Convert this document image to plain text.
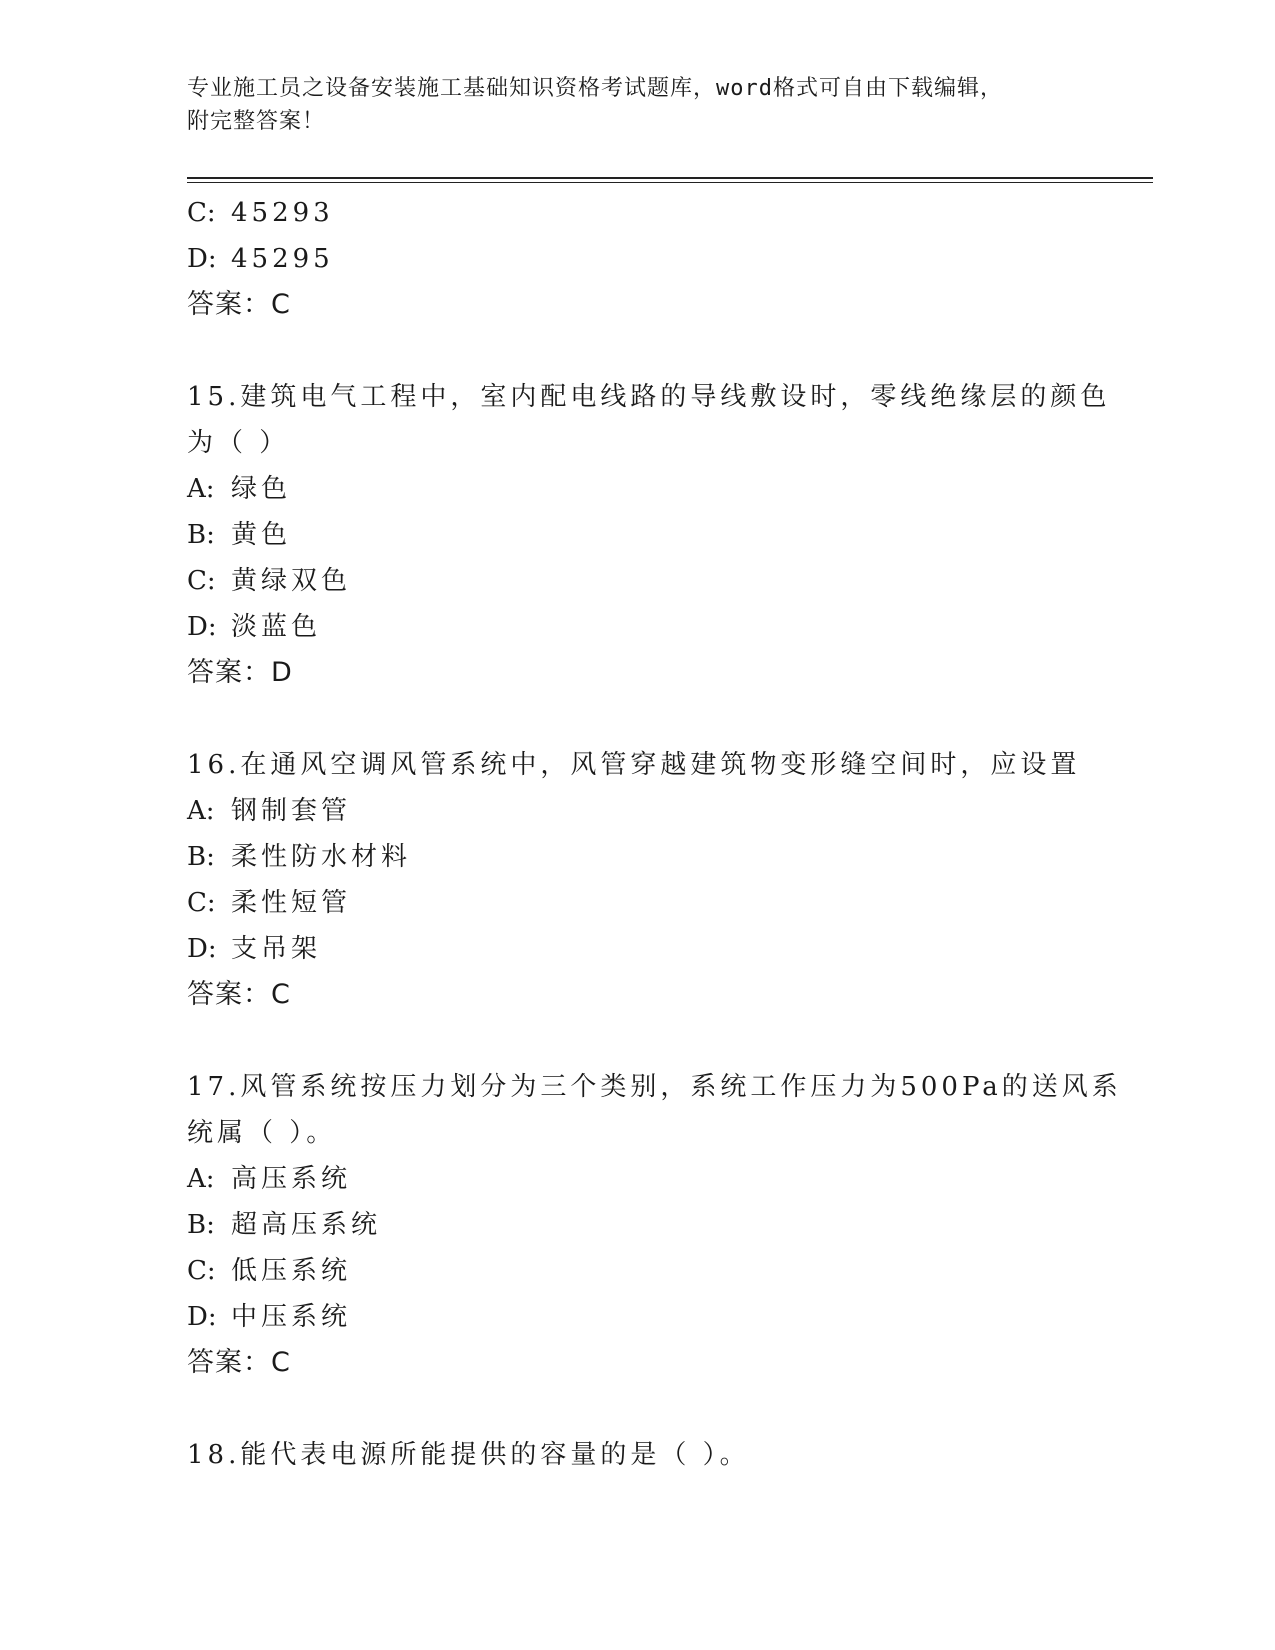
专业施工员之设备安装施工基础知识资格考试题库，word格式可自由下载编辑，
附完整答案！
C: 45293
D: 45295
答案：C
15.建筑电气工程中，室内配电线路的导线敷设时，零线绝缘层的颜色
为（ ）
A: 绿色
B: 黄色
C: 黄绿双色
D: 淡蓝色
答案：D
16.在通风空调风管系统中，风管穿越建筑物变形缝空间时，应设置
A: 钢制套管
B: 柔性防水材料
C: 柔性短管
D: 支吊架
答案：C
17.风管系统按压力划分为三个类别，系统工作压力为500Pa的送风系
统属（ ）。
A: 高压系统
B: 超高压系统
C: 低压系统
D: 中压系统
答案：C
18.能代表电源所能提供的容量的是（ ）。
